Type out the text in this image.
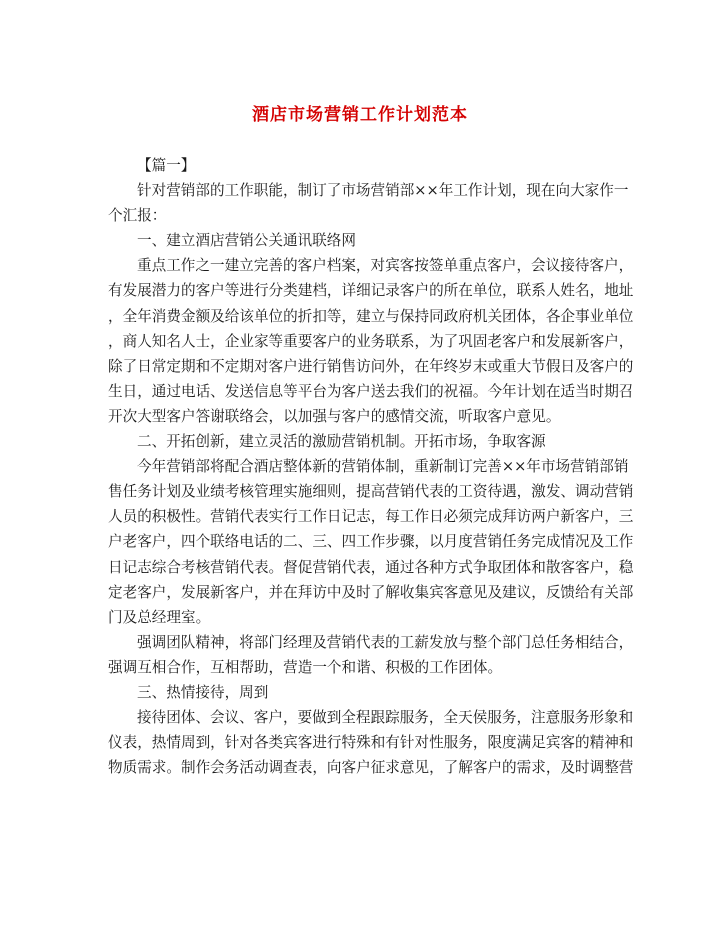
酒店市场营销工作计划范本
【篇一】
针对营销部的工作职能，制订了市场营销部××年工作计划，现在向大家作一
个汇报：
一、建立酒店营销公关通讯联络网
重点工作之一建立完善的客户档案，对宾客按签单重点客户，会议接待客户，
有发展潜力的客户等进行分类建档，详细记录客户的所在单位，联系人姓名，地址
，全年消费金额及给该单位的折扣等，建立与保持同政府机关团体，各企事业单位
，商人知名人士，企业家等重要客户的业务联系，为了巩固老客户和发展新客户，
除了日常定期和不定期对客户进行销售访问外，在年终岁末或重大节假日及客户的
生日，通过电话、发送信息等平台为客户送去我们的祝福。今年计划在适当时期召
开次大型客户答谢联络会，以加强与客户的感情交流，听取客户意见。
二、开拓创新，建立灵活的激励营销机制。开拓市场，争取客源
今年营销部将配合酒店整体新的营销体制，重新制订完善××年市场营销部销
售任务计划及业绩考核管理实施细则，提高营销代表的工资待遇，激发、调动营销
人员的积极性。营销代表实行工作日记志，每工作日必须完成拜访两户新客户，三
户老客户，四个联络电话的二、三、四工作步骤，以月度营销任务完成情况及工作
日记志综合考核营销代表。督促营销代表，通过各种方式争取团体和散客客户，稳
定老客户，发展新客户，并在拜访中及时了解收集宾客意见及建议，反馈给有关部
门及总经理室。
强调团队精神，将部门经理及营销代表的工薪发放与整个部门总任务相结合，
强调互相合作，互相帮助，营造一个和谐、积极的工作团体。
三、热情接待，周到
接待团体、会议、客户，要做到全程跟踪服务，全天侯服务，注意服务形象和
仪表，热情周到，针对各类宾客进行特殊和有针对性服务，限度满足宾客的精神和
物质需求。制作会务活动调查表，向客户征求意见，了解客户的需求，及时调整营
